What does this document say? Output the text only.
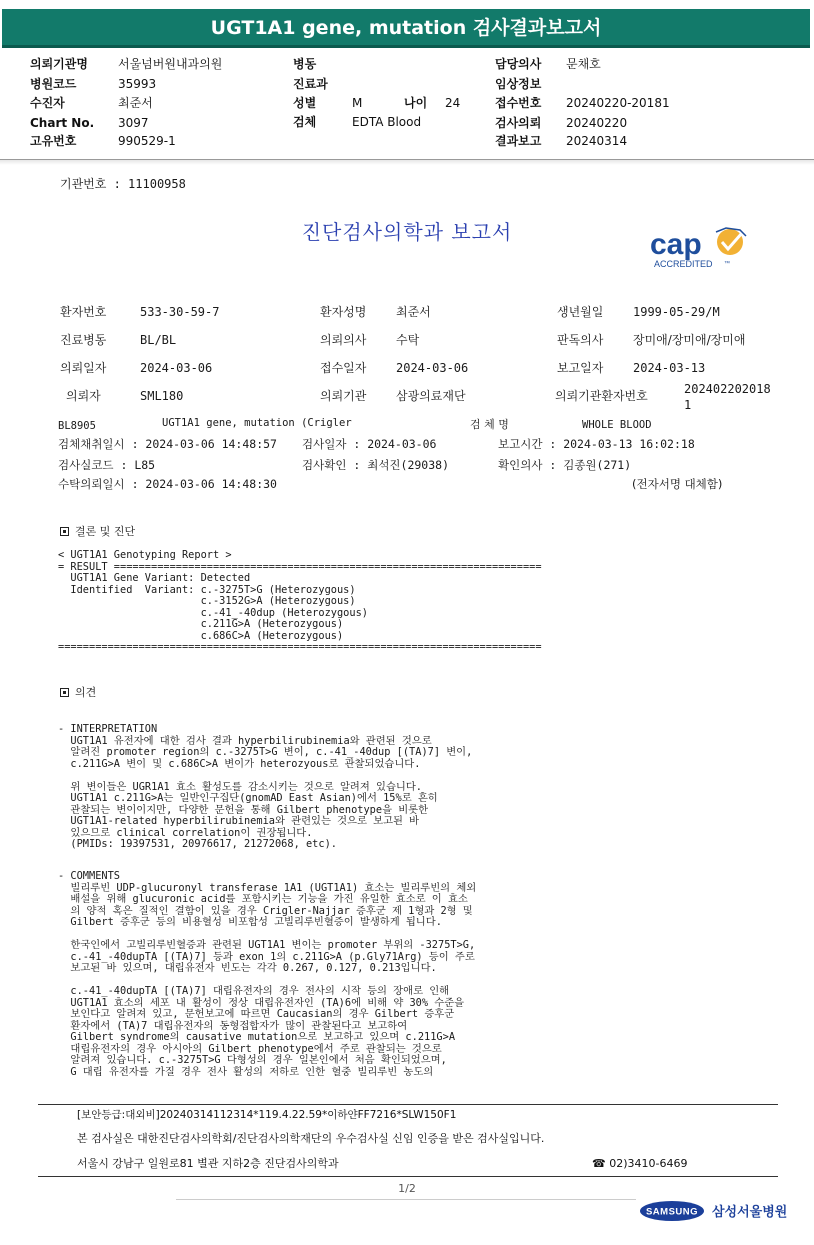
UGT1A1 gene, mutation 검사결과보고서
의뢰기관명	서울넘버원내과의원
병원코드	35993
수진자	최준서
Chart No. 3097
고유번호	990529-1
병동
진료과
성별	M	나이 24
검체	EDTA Blood
담당의사 문채호
임상정보
접수번호 20240220-20181
검사의뢰 20240220
결과보고 20240314
기관번호 : 11100958
진단검사의학과 보고서	cap
ACCREDITED ™
환자번호	533-30-59-7	환자성명 최준서	생년월일 1999-05-29/M
진료병동	BL/BL	의뢰의사 수탁	판독의사 장미애/장미애/장미애
의뢰일자	2024-03-06	접수일자 2024-03-06	보고일자 2024-03-13
의뢰자	SML180	의뢰기관 삼광의료재단	의뢰기관환자번호	202402202018
1
BL8905	UGT1A1 gene, mutation (Crigler	검 체 명	WHOLE BLOOD
검체채취일시 : 2024-03-06 14:48:57 검사일자 : 2024-03-06	보고시간 : 2024-03-13 16:02:18
검사실코드 : L85	검사확인 : 최석진(29038)	확인의사 : 김종원(271)
수탁의뢰일시 : 2024-03-06 14:48:30	(전자서명 대체함)
결론 및 진단
< UGT1A1 Genotyping Report >
= RESULT =====================================================================
UGT1A1 Gene Variant: Detected
Identified  Variant: c.-3275T>G (Heterozygous)
c.-3152G>A (Heterozygous)
c.-41_-40dup (Heterozygous)
c.211G>A (Heterozygous)
c.686C>A (Heterozygous)
==============================================================================
의견
- INTERPRETATION
UGT1A1 유전자에 대한 검사 결과 hyperbilirubinemia와 관련된 것으로
알려진 promoter region의 c.-3275T>G 변이, c.-41_-40dup [(TA)7] 변이,
c.211G>A 변이 및 c.686C>A 변이가 heterozyous로 관찰되었습니다.

위 변이들은 UGR1A1 효소 활성도를 감소시키는 것으로 알려져 있습니다.
UGT1A1 c.211G>A는 일반인구집단(gnomAD East Asian)에서 15%로 흔히
관찰되는 변이이지만, 다양한 문헌을 통해 Gilbert phenotype을 비롯한
UGT1A1-related hyperbilirubinemia와 관련있는 것으로 보고된 바
있으므로 clinical correlation이 권장됩니다.
(PMIDs: 19397531, 20976617, 21272068, etc).
- COMMENTS
빌리루빈 UDP-glucuronyl transferase 1A1 (UGT1A1) 효소는 빌리루빈의 체외
배설을 위해 glucuronic acid를 포함시키는 기능을 가진 유일한 효소로 이 효소
의 양적 혹은 질적인 결함이 있을 경우 Crigler-Najjar 증후군 제 1형과 2형 및
Gilbert 증후군 등의 비용혈성 비포합성 고빌리루빈혈증이 발생하게 됩니다.

한국인에서 고빌리루빈혈증과 관련된 UGT1A1 변이는 promoter 부위의 -3275T>G,
c.-41_-40dupTA [(TA)7] 등과 exon 1의 c.211G>A (p.Gly71Arg) 등이 주로
보고된 바 있으며, 대립유전자 빈도는 각각 0.267, 0.127, 0.213입니다.

c.-41_-40dupTA [(TA)7] 대립유전자의 경우 전사의 시작 등의 장애로 인해
UGT1A1 효소의 세포 내 활성이 정상 대립유전자인 (TA)6에 비해 약 30% 수준을
보인다고 알려져 있고, 문헌보고에 따르면 Caucasian의 경우 Gilbert 증후군
환자에서 (TA)7 대립유전자의 동형접합자가 많이 관찰된다고 보고하여
Gilbert syndrome의 causative mutation으로 보고하고 있으며 c.211G>A
대립유전자의 경우 아시아의 Gilbert phenotype에서 주로 관찰되는 것으로
알려져 있습니다. c.-3275T>G 다형성의 경우 일본인에서 처음 확인되었으며,
G 대립 유전자를 가질 경우 전사 활성의 저하로 인한 혈중 빌리루빈 농도의
[보안등급:대외비]20240314112314*119.4.22.59*이하얀FF7216*SLW150F1
본 검사실은 대한진단검사의학회/진단검사의학재단의 우수검사실 신임 인증을 받은 검사실입니다.
서울시 강남구 일원로81 별관 지하2층 진단검사의학과	☎ 02)3410-6469
1/2
SAMSUNG 삼성서울병원
